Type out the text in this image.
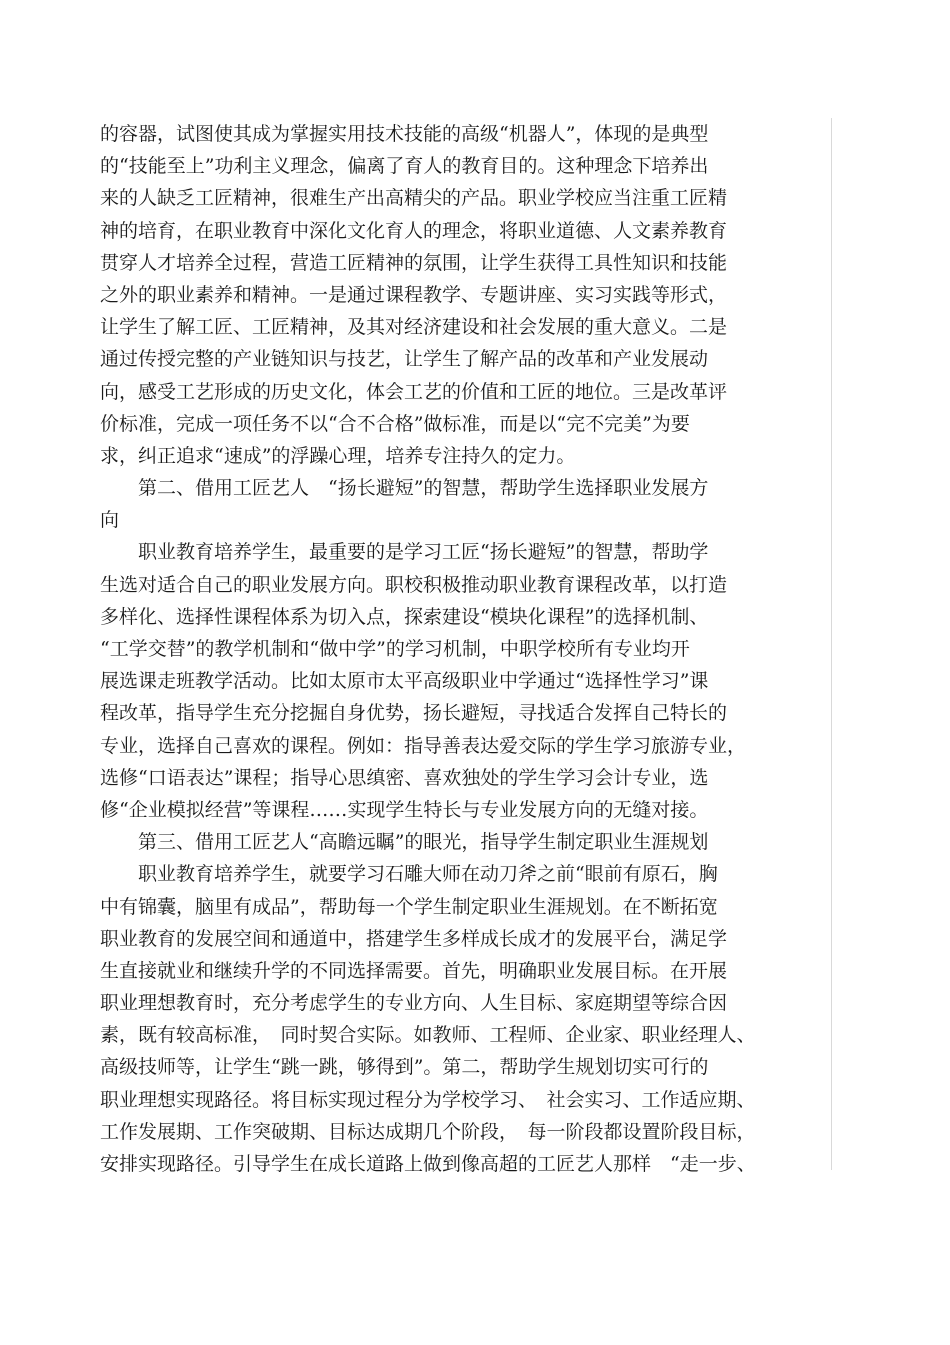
的容器，试图使其成为掌握实用技术技能的高级“机器人”，体现的是典型
的“技能至上”功利主义理念，偏离了育人的教育目的。这种理念下培养出
来的人缺乏工匠精神，很难生产出高精尖的产品。职业学校应当注重工匠精
神的培育，在职业教育中深化文化育人的理念，将职业道德、人文素养教育
贯穿人才培养全过程，营造工匠精神的氛围，让学生获得工具性知识和技能
之外的职业素养和精神。一是通过课程教学、专题讲座、实习实践等形式，
让学生了解工匠、工匠精神，及其对经济建设和社会发展的重大意义。二是
通过传授完整的产业链知识与技艺，让学生了解产品的改革和产业发展动
向，感受工艺形成的历史文化，体会工艺的价值和工匠的地位。三是改革评
价标准，完成一项任务不以“合不合格”做标准，而是以“完不完美”为要
求，纠正追求“速成”的浮躁心理，培养专注持久的定力。
　　第二、借用工匠艺人　“扬长避短”的智慧，帮助学生选择职业发展方
向
　　职业教育培养学生，最重要的是学习工匠“扬长避短”的智慧，帮助学
生选对适合自己的职业发展方向。职校积极推动职业教育课程改革，以打造
多样化、选择性课程体系为切入点，探索建设“模块化课程”的选择机制、
“工学交替”的教学机制和“做中学”的学习机制，中职学校所有专业均开
展选课走班教学活动。比如太原市太平高级职业中学通过“选择性学习”课
程改革，指导学生充分挖掘自身优势，扬长避短，寻找适合发挥自己特长的
专业，选择自己喜欢的课程。例如：指导善表达爱交际的学生学习旅游专业，
选修“口语表达”课程；指导心思缜密、喜欢独处的学生学习会计专业，选
修“企业模拟经营”等课程……实现学生特长与专业发展方向的无缝对接。
　　第三、借用工匠艺人“高瞻远瞩”的眼光，指导学生制定职业生涯规划
　　职业教育培养学生，就要学习石雕大师在动刀斧之前“眼前有原石，胸
中有锦囊，脑里有成品”，帮助每一个学生制定职业生涯规划。在不断拓宽
职业教育的发展空间和通道中，搭建学生多样成长成才的发展平台，满足学
生直接就业和继续升学的不同选择需要。首先，明确职业发展目标。在开展
职业理想教育时，充分考虑学生的专业方向、人生目标、家庭期望等综合因
素，既有较高标准，　同时契合实际。如教师、工程师、企业家、职业经理人、
高级技师等，让学生“跳一跳，够得到”。第二，帮助学生规划切实可行的
职业理想实现路径。将目标实现过程分为学校学习、　社会实习、工作适应期、
工作发展期、工作突破期、目标达成期几个阶段，　每一阶段都设置阶段目标，
安排实现路径。引导学生在成长道路上做到像高超的工匠艺人那样　“走一步、
